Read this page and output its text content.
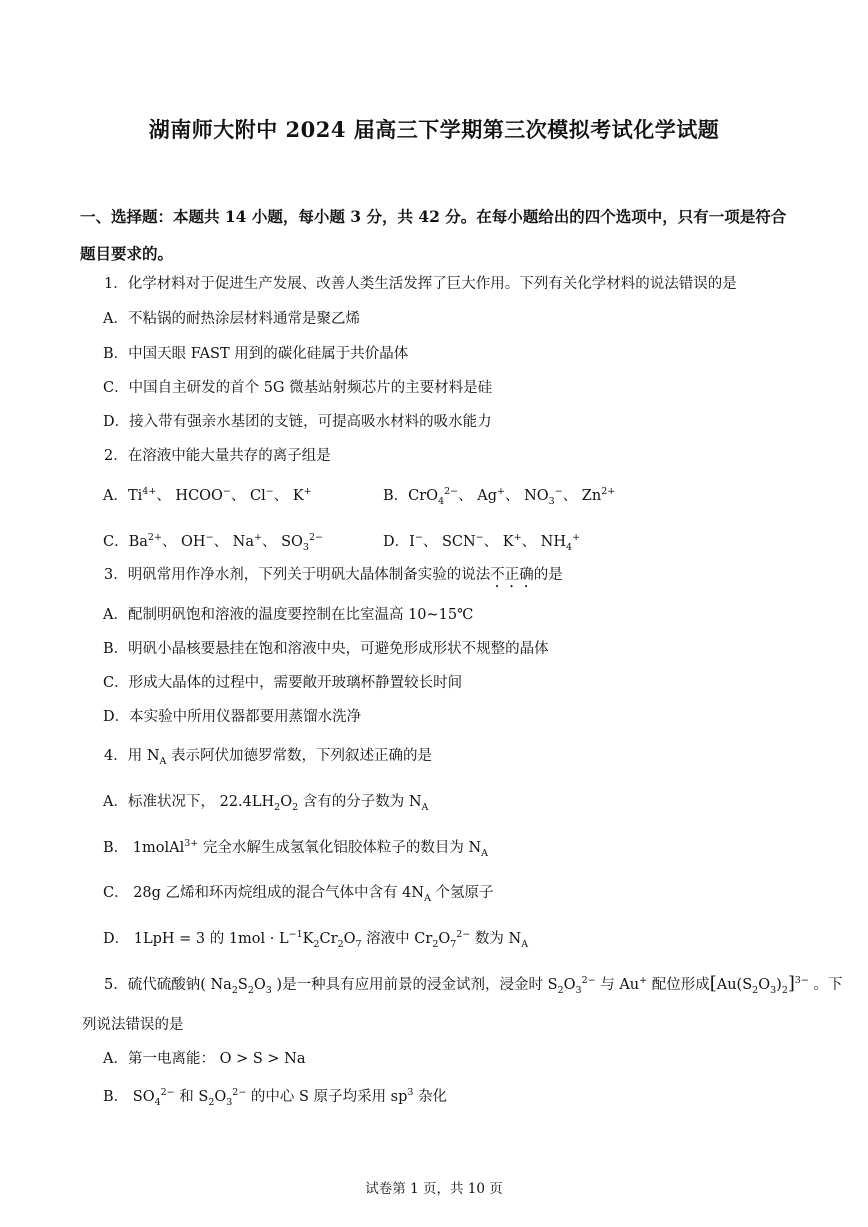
湖南师大附中 2024 届高三下学期第三次模拟考试化学试题
一、选择题：本题共 14 小题，每小题 3 分，共 42 分。在每小题给出的四个选项中，只有一项是符合题目要求的。
1．化学材料对于促进生产发展、改善人类生活发挥了巨大作用。下列有关化学材料的说法错误的是
A．不粘锅的耐热涂层材料通常是聚乙烯
B．中国天眼 FAST 用到的碳化硅属于共价晶体
C．中国自主研发的首个 5G 微基站射频芯片的主要材料是硅
D．接入带有强亲水基团的支链，可提高吸水材料的吸水能力
2．在溶液中能大量共存的离子组是
A．$Ti^{4+}$、 HCOO−、 Cl−、 K+	B．CrO$_4^{2-}$、 Ag+、 $NO_3^-$、 $Zn^{2+}$
C．$Ba^{2+}$、 OH−、 Na+、 $SO_3^{2-}$	D．I−、 SCN−、 K+、 $NH_4^+$
3．明矾常用作净水剂，下列关于明矾大晶体制备实验的说法不正确的是
A．配制明矾饱和溶液的温度要控制在比室温高 10~15℃
B．明矾小晶核要悬挂在饱和溶液中央，可避免形成形状不规整的晶体
C．形成大晶体的过程中，需要敞开玻璃杯静置较长时间
D．本实验中所用仪器都要用蒸馏水洗净
4．用 $N_A$ 表示阿伏加德罗常数，下列叙述正确的是
A．标准状况下， $22.4LH_2O_2$ 含有的分子数为 $N_A$
B． 1molAl$^{3+}$ 完全水解生成氢氧化铝胶体粒子的数目为 $N_A$
C． 28g 乙烯和环丙烷组成的混合气体中含有 $4N_A$ 个氢原子
D． 1LpH = 3 的 $1mol \cdot L^{-1}K_2Cr_2O_7$ 溶液中 $Cr_2O_7^{2-}$ 数为 $N_A$
5．硫代硫酸钠( $Na_2S_2O_3$ )是一种具有应用前景的浸金试剂，浸金时 $S_2O_3^{2-}$ 与 Au+ 配位形成$[Au(S_2O_3)_2]^{3-}$ 。下
列说法错误的是
A．第一电离能： O > S > Na
B． $SO_4^{2-}$ 和 $S_2O_3^{2-}$ 的中心 S 原子均采用 $sp^3$ 杂化
试卷第 1 页，共 10 页
